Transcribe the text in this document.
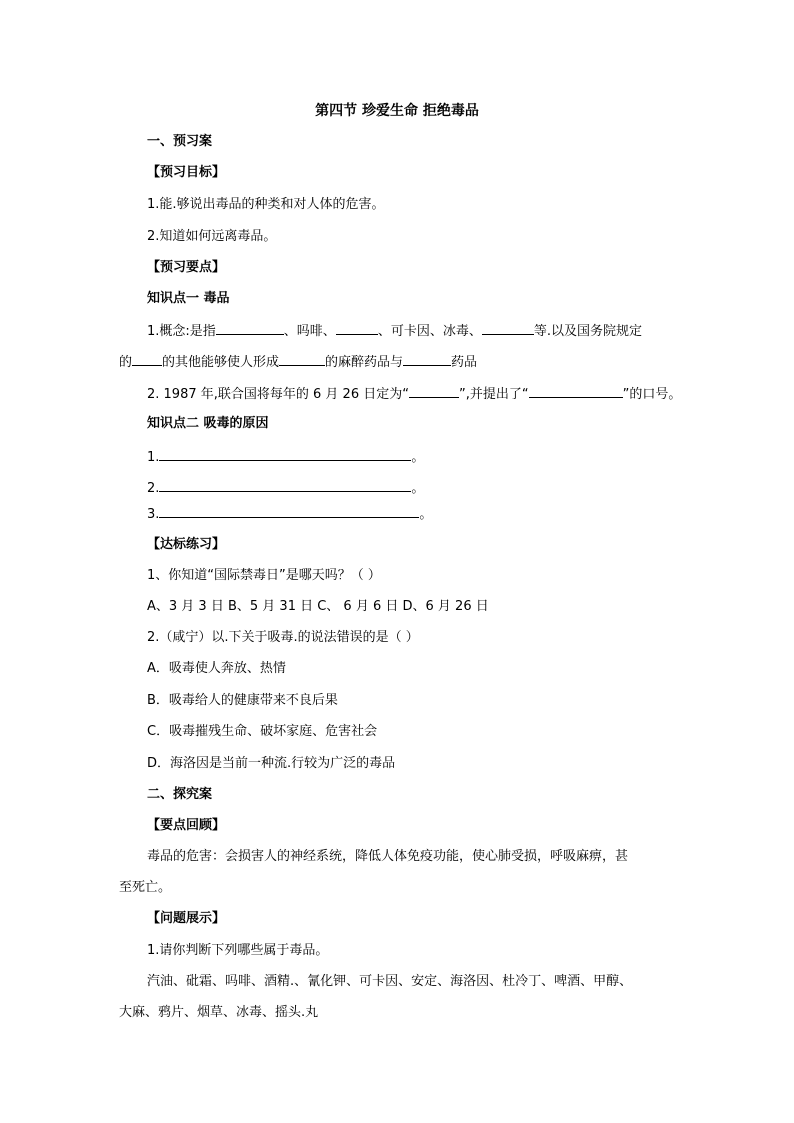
第四节 珍爱生命 拒绝毒品
一、预习案
【预习目标】
1.能.够说出毒品的种类和对人体的危害。
2.知道如何远离毒品。
【预习要点】
知识点一 毒品
1.概念:是指	、吗啡、	、可卡因、冰毒、	等.以及国务院规定
的 的其他能够使人形成	的麻醉药品与	药品
2. 1987 年,联合国将每年的 6 月 26 日定为“	”,并提出了“	”的口号。
知识点二 吸毒的原因
1.	。
2.	。
3.	。
【达标练习】
1、你知道“国际禁毒日”是哪天吗？（ ）
A、3 月 3 日 B、5 月 31 日 C、 6 月 6 日 D、6 月 26 日
2.（咸宁）以.下关于吸毒.的说法错误的是（ ）
A．吸毒使人奔放、热情
B．吸毒给人的健康带来不良后果
C．吸毒摧残生命、破坏家庭、危害社会
D．海洛因是当前一种流.行较为广泛的毒品
二、探究案
【要点回顾】
毒品的危害：会损害人的神经系统，降低人体免疫功能，使心肺受损，呼吸麻痹，甚
至死亡。
【问题展示】
1.请你判断下列哪些属于毒品。
汽油、砒霜、吗啡、酒精.、氰化钾、可卡因、安定、海洛因、杜冷丁、啤酒、甲醇、
大麻、鸦片、烟草、冰毒、摇头.丸
